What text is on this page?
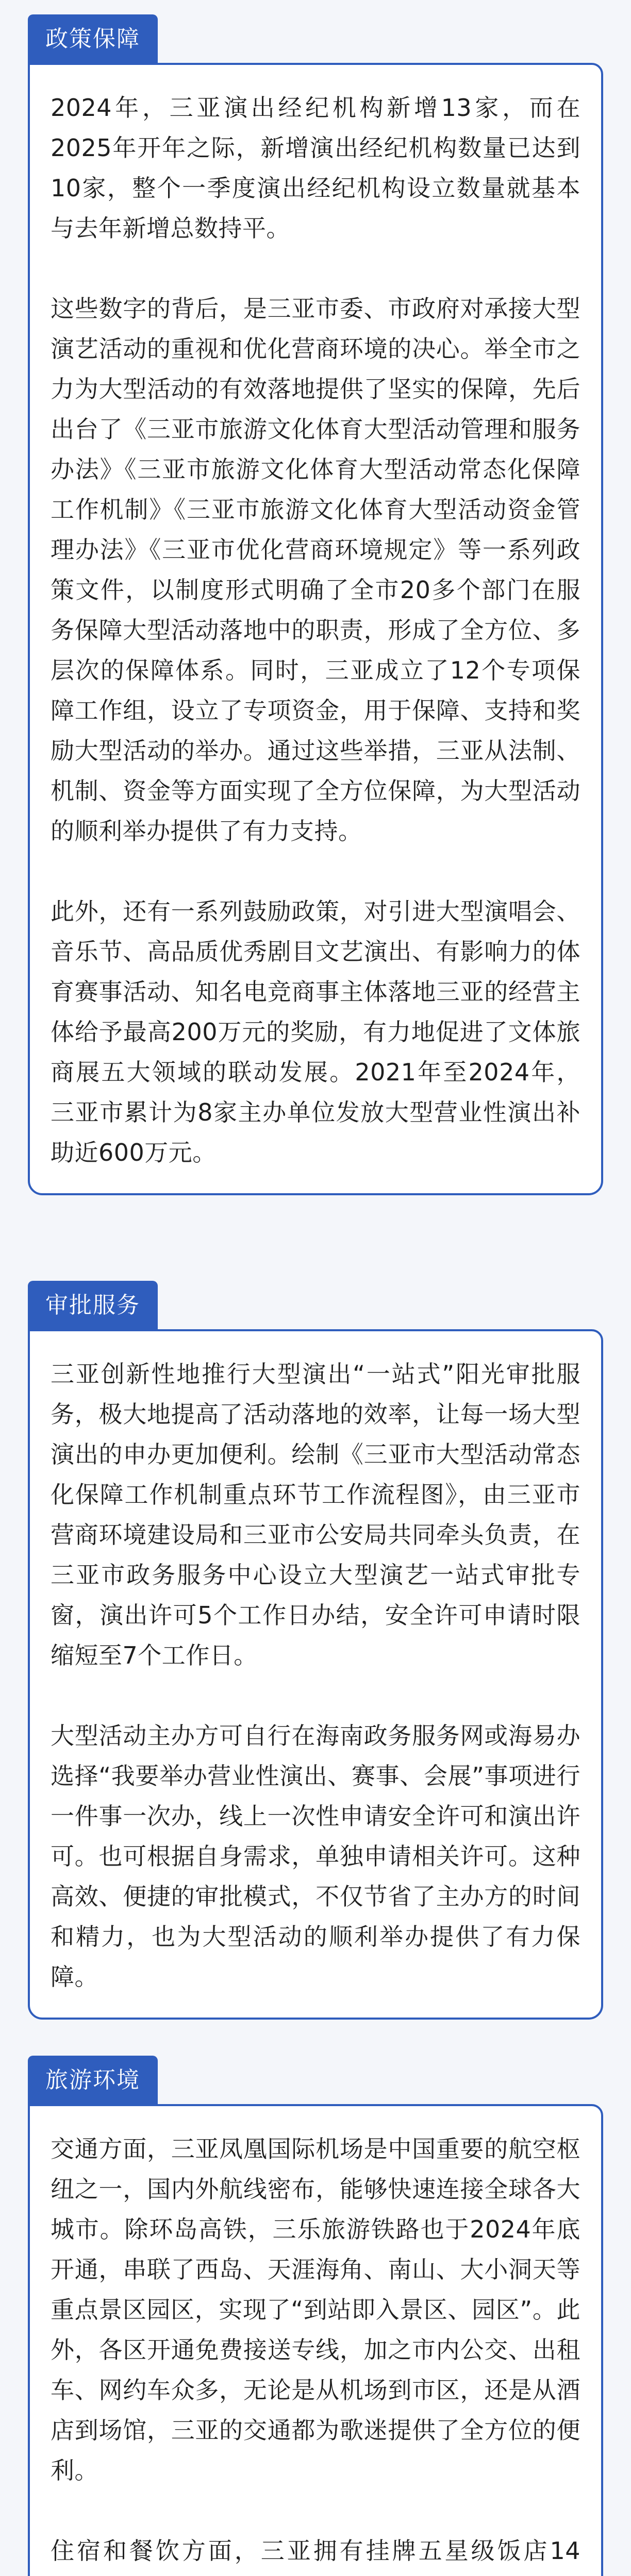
政策保障

2024年，三亚演出经纪机构新增13家，而在2025年开年之际，新增演出经纪机构数量已达到10家，整个一季度演出经纪机构设立数量就基本与去年新增总数持平。

这些数字的背后，是三亚市委、市政府对承接大型演艺活动的重视和优化营商环境的决心。举全市之力为大型活动的有效落地提供了坚实的保障，先后出台了《三亚市旅游文化体育大型活动管理和服务办法》《三亚市旅游文化体育大型活动常态化保障工作机制》《三亚市旅游文化体育大型活动资金管理办法》《三亚市优化营商环境规定》等一系列政策文件，以制度形式明确了全市20多个部门在服务保障大型活动落地中的职责，形成了全方位、多层次的保障体系。同时，三亚成立了12个专项保障工作组，设立了专项资金，用于保障、支持和奖励大型活动的举办。通过这些举措，三亚从法制、机制、资金等方面实现了全方位保障，为大型活动的顺利举办提供了有力支持。

此外，还有一系列鼓励政策，对引进大型演唱会、音乐节、高品质优秀剧目文艺演出、有影响力的体育赛事活动、知名电竞商事主体落地三亚的经营主体给予最高200万元的奖励，有力地促进了文体旅商展五大领域的联动发展。2021年至2024年，三亚市累计为8家主办单位发放大型营业性演出补助近600万元。

审批服务

三亚创新性地推行大型演出“一站式”阳光审批服务，极大地提高了活动落地的效率，让每一场大型演出的申办更加便利。绘制《三亚市大型活动常态化保障工作机制重点环节工作流程图》，由三亚市营商环境建设局和三亚市公安局共同牵头负责，在三亚市政务服务中心设立大型演艺一站式审批专窗，演出许可5个工作日办结，安全许可申请时限缩短至7个工作日。

大型活动主办方可自行在海南政务服务网或海易办选择“我要举办营业性演出、赛事、会展”事项进行一件事一次办，线上一次性申请安全许可和演出许可。也可根据自身需求，单独申请相关许可。这种高效、便捷的审批模式，不仅节省了主办方的时间和精力，也为大型活动的顺利举办提供了有力保障。

旅游环境

交通方面，三亚凤凰国际机场是中国重要的航空枢纽之一，国内外航线密布，能够快速连接全球各大城市。除环岛高铁，三乐旅游铁路也于2024年底开通，串联了西岛、天涯海角、南山、大小洞天等重点景区园区，实现了“到站即入景区、园区”。此外，各区开通免费接送专线，加之市内公交、出租车、网约车众多，无论是从机场到市区，还是从酒店到场馆，三亚的交通都为歌迷提供了全方位的便利。

住宿和餐饮方面，三亚拥有挂牌五星级饭店14
